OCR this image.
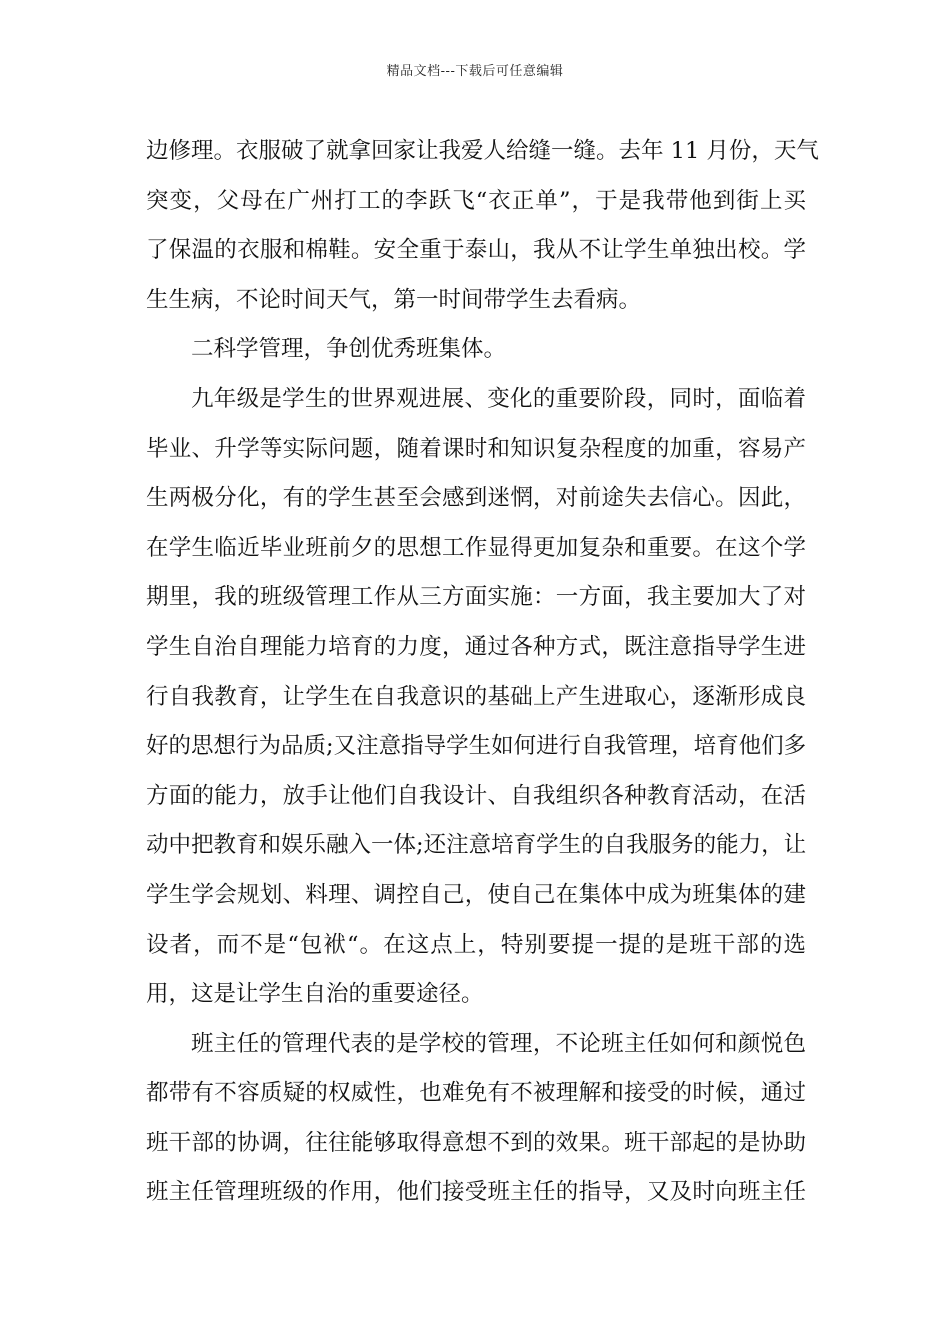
精品文档---下载后可任意编辑
边修理。衣服破了就拿回家让我爱人给缝一缝。去年 11 月份，天气
突变，父母在广州打工的李跃飞“衣正单”，于是我带他到街上买
了保温的衣服和棉鞋。安全重于泰山，我从不让学生单独出校。学
生生病，不论时间天气，第一时间带学生去看病。
二科学管理，争创优秀班集体。
九年级是学生的世界观进展、变化的重要阶段，同时，面临着
毕业、升学等实际问题，随着课时和知识复杂程度的加重，容易产
生两极分化，有的学生甚至会感到迷惘，对前途失去信心。因此，
在学生临近毕业班前夕的思想工作显得更加复杂和重要。在这个学
期里，我的班级管理工作从三方面实施：一方面，我主要加大了对
学生自治自理能力培育的力度，通过各种方式，既注意指导学生进
行自我教育，让学生在自我意识的基础上产生进取心，逐渐形成良
好的思想行为品质;又注意指导学生如何进行自我管理，培育他们多
方面的能力，放手让他们自我设计、自我组织各种教育活动，在活
动中把教育和娱乐融入一体;还注意培育学生的自我服务的能力，让
学生学会规划、料理、调控自己，使自己在集体中成为班集体的建
设者，而不是“包袱“。在这点上，特别要提一提的是班干部的选
用，这是让学生自治的重要途径。
班主任的管理代表的是学校的管理，不论班主任如何和颜悦色
都带有不容质疑的权威性，也难免有不被理解和接受的时候，通过
班干部的协调，往往能够取得意想不到的效果。班干部起的是协助
班主任管理班级的作用，他们接受班主任的指导，又及时向班主任
